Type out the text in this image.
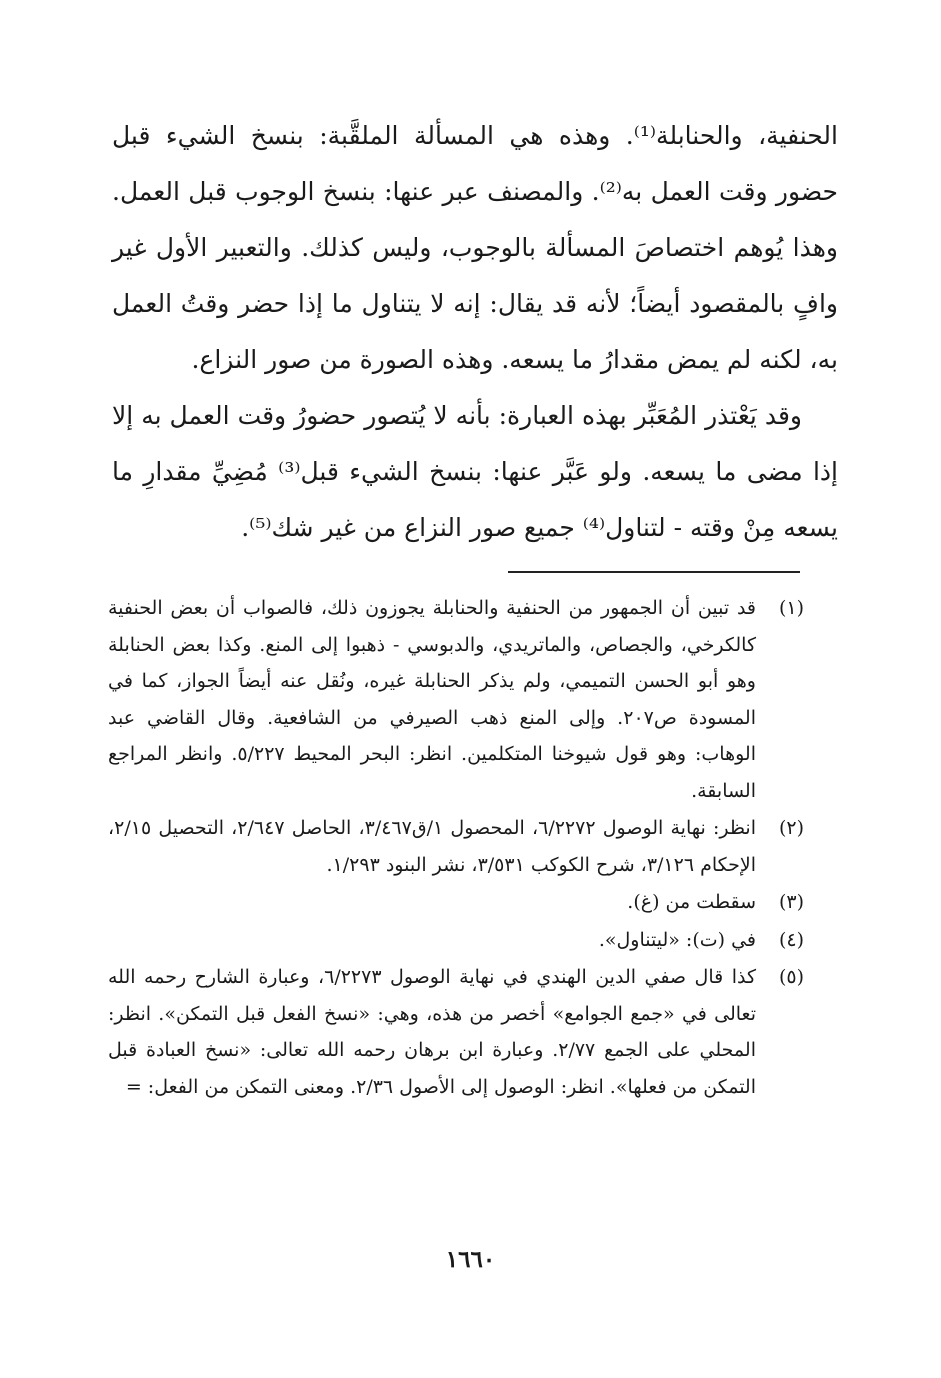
الحنفية، والحنابلة⁽¹⁾. وهذه هي المسألة الملقَّبة: بنسخ الشيء قبل حضور وقت العمل به⁽²⁾. والمصنف عبر عنها: بنسخ الوجوب قبل العمل. وهذا يُوهم اختصاصَ المسألة بالوجوب، وليس كذلك. والتعبير الأول غير وافٍ بالمقصود أيضاً؛ لأنه قد يقال: إنه لا يتناول ما إذا حضر وقتُ العمل به، لكنه لم يمض مقدارُ ما يسعه. وهذه الصورة من صور النزاع.

وقد يَعْتذر المُعَبِّر بهذه العبارة: بأنه لا يُتصور حضورُ وقت العمل به إلا إذا مضى ما يسعه. ولو عَبَّر عنها: بنسخ الشيء قبل⁽³⁾ مُضِيِّ مقدارِ ما يسعه مِنْ وقته - لتناول⁽⁴⁾ جميع صور النزاع من غير شك⁽⁵⁾.

(١)
قد تبين أن الجمهور من الحنفية والحنابلة يجوزون ذلك، فالصواب أن بعض الحنفية كالكرخي، والجصاص، والماتريدي، والدبوسي - ذهبوا إلى المنع. وكذا بعض الحنابلة وهو أبو الحسن التميمي، ولم يذكر الحنابلة غيره، ونُقل عنه أيضاً الجواز، كما في المسودة ص٢٠٧. وإلى المنع ذهب الصيرفي من الشافعية. وقال القاضي عبد الوهاب: وهو قول شيوخنا المتكلمين. انظر: البحر المحيط ٥/٢٢٧. وانظر المراجع السابقة.
(٢)
انظر: نهاية الوصول ٦/٢٢٧٢، المحصول ١/ق٣/٤٦٧، الحاصل ٢/٦٤٧، التحصيل ٢/١٥، الإحكام ٣/١٢٦، شرح الكوكب ٣/٥٣١، نشر البنود ١/٢٩٣.
(٣)
سقطت من (غ).
(٤)
في (ت): «ليتناول».
(٥)
كذا قال صفي الدين الهندي في نهاية الوصول ٦/٢٢٧٣، وعبارة الشارح رحمه الله تعالى في «جمع الجوامع» أخصر من هذه، وهي: «نسخ الفعل قبل التمكن». انظر: المحلي على الجمع ٢/٧٧. وعبارة ابن برهان رحمه الله تعالى: «نسخ العبادة قبل التمكن من فعلها». انظر: الوصول إلى الأصول ٢/٣٦. ومعنى التمكن من الفعل: =
١٦٦٠
